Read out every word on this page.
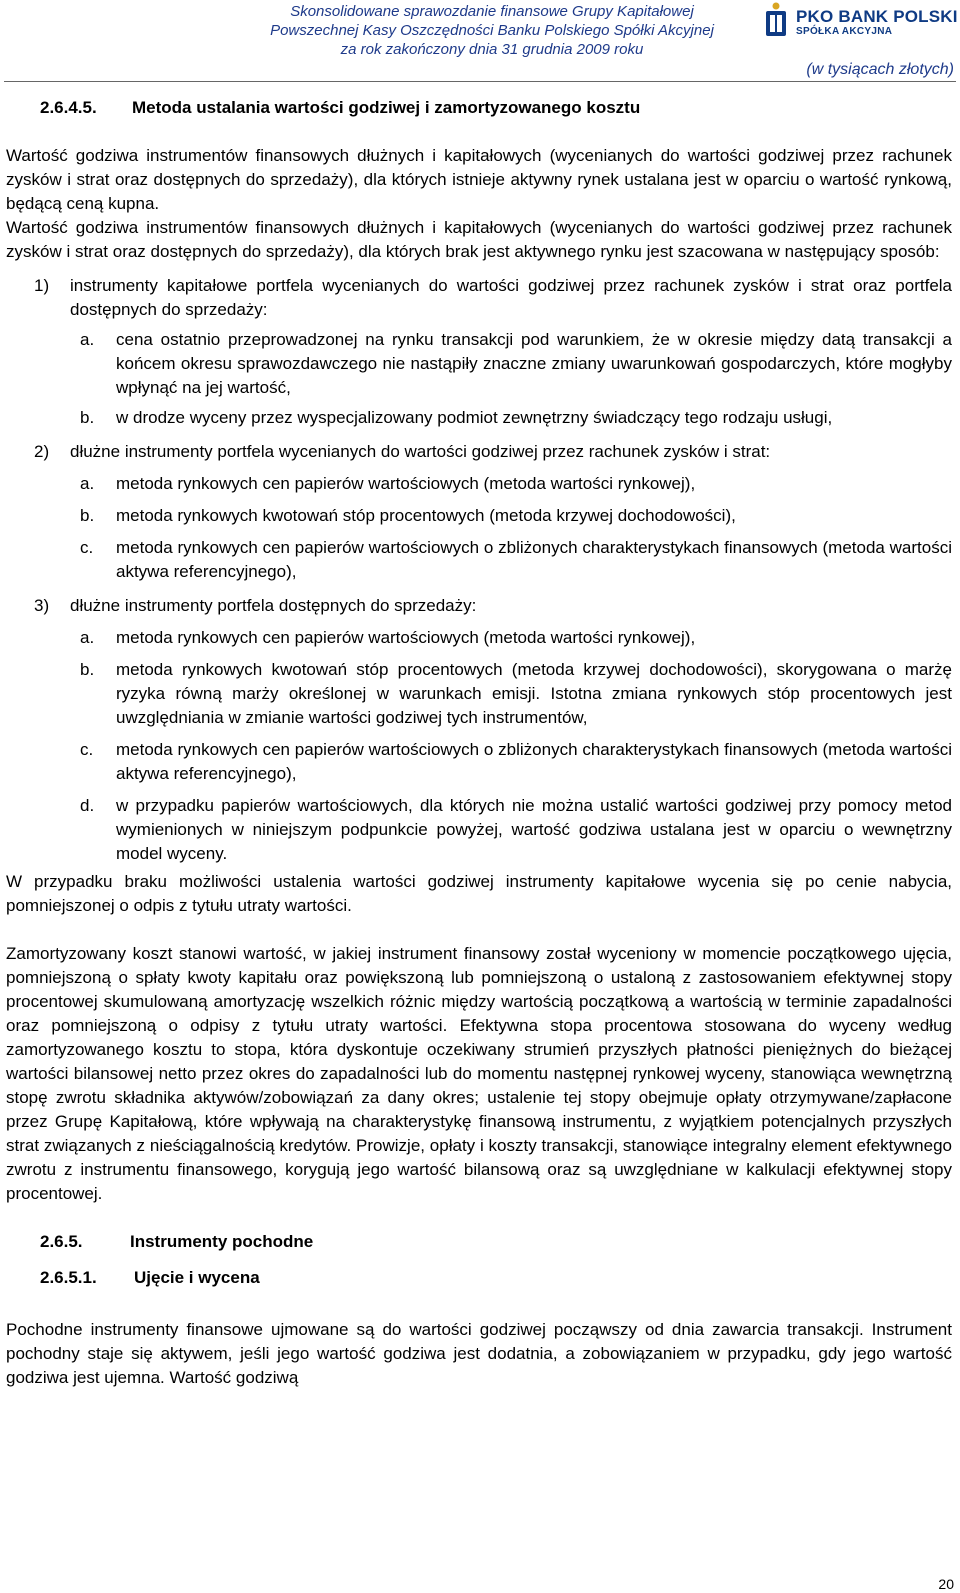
Skonsolidowane sprawozdanie finansowe Grupy Kapitałowej
Powszechnej Kasy Oszczędności Banku Polskiego Spółki Akcyjnej
za rok zakończony dnia 31 grudnia 2009 roku
PKO BANK POLSKI
SPÓŁKA AKCYJNA
(w tysiącach złotych)
2.6.4.5.	Metoda ustalania wartości godziwej i zamortyzowanego kosztu

Wartość godziwa instrumentów finansowych dłużnych i kapitałowych (wycenianych do wartości godziwej przez rachunek zysków i strat oraz dostępnych do sprzedaży), dla których istnieje aktywny rynek ustalana jest w oparciu o wartość rynkową, będącą ceną kupna.

Wartość godziwa instrumentów finansowych dłużnych i kapitałowych (wycenianych do wartości godziwej przez rachunek zysków i strat oraz dostępnych do sprzedaży), dla których brak jest aktywnego rynku jest szacowana w następujący sposób:

1)	instrumenty kapitałowe portfela wycenianych do wartości godziwej przez rachunek zysków i strat oraz portfela dostępnych do sprzedaży:
a.	cena ostatnio przeprowadzonej na rynku transakcji pod warunkiem, że w okresie między datą transakcji a końcem okresu sprawozdawczego nie nastąpiły znaczne zmiany uwarunkowań gospodarczych, które mogłyby wpłynąć na jej wartość,
b.	w drodze wyceny przez wyspecjalizowany podmiot zewnętrzny świadczący tego rodzaju usługi,
2)	dłużne instrumenty portfela wycenianych do wartości godziwej przez rachunek zysków i strat:
a.	metoda rynkowych cen papierów wartościowych (metoda wartości rynkowej),
b.	metoda rynkowych kwotowań stóp procentowych (metoda krzywej dochodowości),
c.	metoda rynkowych cen papierów wartościowych o zbliżonych charakterystykach finansowych (metoda wartości aktywa referencyjnego),
3)	dłużne instrumenty portfela dostępnych do sprzedaży:
a.	metoda rynkowych cen papierów wartościowych (metoda wartości rynkowej),
b.	metoda rynkowych kwotowań stóp procentowych (metoda krzywej dochodowości), skorygowana o marżę ryzyka równą marży określonej w warunkach emisji. Istotna zmiana rynkowych stóp procentowych jest uwzględniania w zmianie wartości godziwej tych instrumentów,
c.	metoda rynkowych cen papierów wartościowych o zbliżonych charakterystykach finansowych (metoda wartości aktywa referencyjnego),
d.	w przypadku papierów wartościowych, dla których nie można ustalić wartości godziwej przy pomocy metod wymienionych w niniejszym podpunkcie powyżej, wartość godziwa ustalana jest w oparciu o wewnętrzny model wyceny.

W przypadku braku możliwości ustalenia wartości godziwej instrumenty kapitałowe wycenia się po cenie nabycia, pomniejszonej o odpis z tytułu utraty wartości.

Zamortyzowany koszt stanowi wartość, w jakiej instrument finansowy został wyceniony w momencie początkowego ujęcia, pomniejszoną o spłaty kwoty kapitału oraz powiększoną lub pomniejszoną o ustaloną z zastosowaniem efektywnej stopy procentowej skumulowaną amortyzację wszelkich różnic między wartością początkową a wartością w terminie zapadalności oraz pomniejszoną o odpisy z tytułu utraty wartości. Efektywna stopa procentowa stosowana do wyceny według zamortyzowanego kosztu to stopa, która dyskontuje oczekiwany strumień przyszłych płatności pieniężnych do bieżącej wartości bilansowej netto przez okres do zapadalności lub do momentu następnej rynkowej wyceny, stanowiąca wewnętrzną stopę zwrotu składnika aktywów/zobowiązań za dany okres; ustalenie tej stopy obejmuje opłaty otrzymywane/zapłacone przez Grupę Kapitałową, które wpływają na charakterystykę finansową instrumentu, z wyjątkiem potencjalnych przyszłych strat związanych z nieściągalnością kredytów. Prowizje, opłaty i koszty transakcji, stanowiące integralny element efektywnego zwrotu z instrumentu finansowego, korygują jego wartość bilansową oraz są uwzględniane w kalkulacji efektywnej stopy procentowej.

2.6.5.	Instrumenty pochodne
2.6.5.1.	Ujęcie i wycena

Pochodne instrumenty finansowe ujmowane są do wartości godziwej począwszy od dnia zawarcia transakcji. Instrument pochodny staje się aktywem, jeśli jego wartość godziwa jest dodatnia, a zobowiązaniem w przypadku, gdy jego wartość godziwa jest ujemna. Wartość godziwą

20
